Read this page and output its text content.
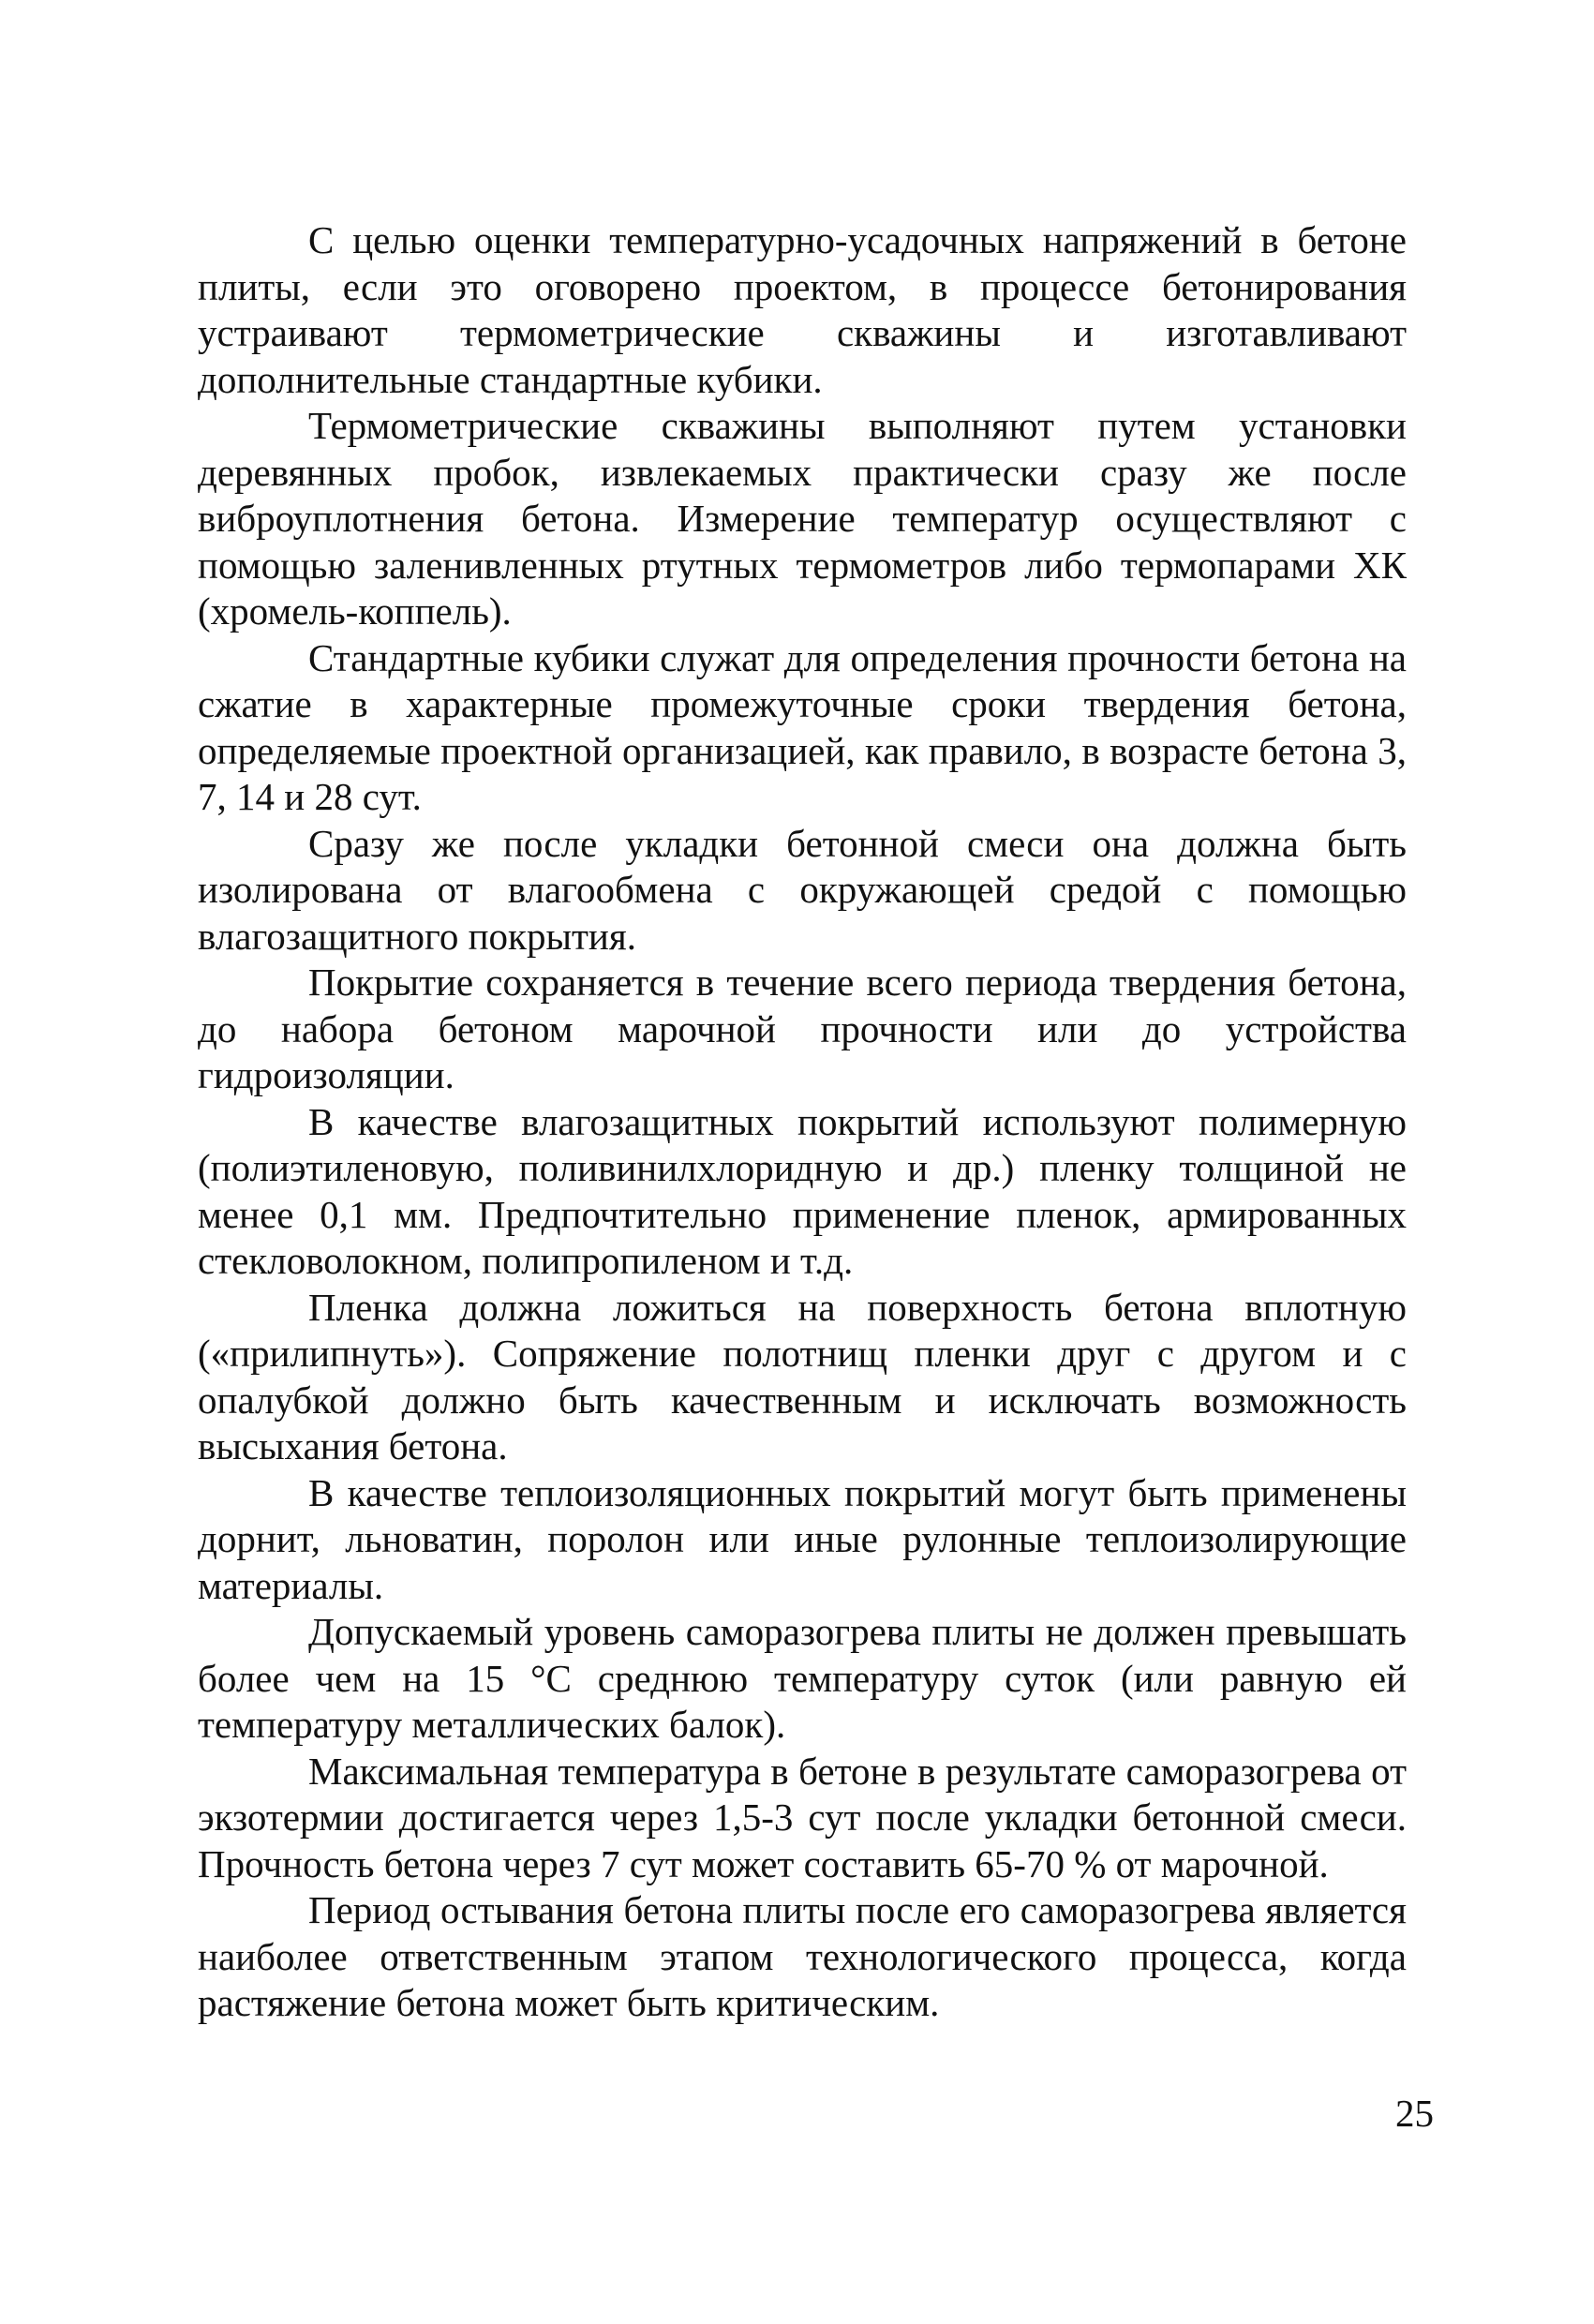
С целью оценки температурно-усадочных напряжений в бетоне плиты, если это оговорено проектом, в процессе бетонирования устраивают термометрические скважины и изготавливают дополнительные стандартные кубики.

Термометрические скважины выполняют путем установки деревянных пробок, извлекаемых практически сразу же после виброуплотнения бетона. Измерение температур осуществляют с помощью заленивленных ртутных термометров либо термопарами ХК (хромель-коппель).

Стандартные кубики служат для определения прочности бетона на сжатие в характерные промежуточные сроки твердения бетона, определяемые проектной организацией, как правило, в возрасте бетона 3, 7, 14 и 28 сут.

Сразу же после укладки бетонной смеси она должна быть изолирована от влагообмена с окружающей средой с помощью влагозащитного покрытия.

Покрытие сохраняется в течение всего периода твердения бетона, до набора бетоном марочной прочности или до устройства гидроизоляции.

В качестве влагозащитных покрытий используют полимерную (полиэтиленовую, поливинилхлоридную и др.) пленку толщиной не менее 0,1 мм. Предпочтительно применение пленок, армированных стекловолокном, полипропиленом и т.д.

Пленка должна ложиться на поверхность бетона вплотную («прилипнуть»). Сопряжение полотнищ пленки друг с другом и с опалубкой должно быть качественным и исключать возможность высыхания бетона.

В качестве теплоизоляционных покрытий могут быть применены дорнит, льноватин, поролон или иные рулонные теплоизолирующие материалы.

Допускаемый уровень саморазогрева плиты не должен превышать более чем на 15 °С среднюю температуру суток (или равную ей температуру металлических балок).

Максимальная температура в бетоне в результате саморазогрева от экзотермии достигается через 1,5-3 сут после укладки бетонной смеси. Прочность бетона через 7 сут может составить 65-70 % от марочной.

Период остывания бетона плиты после его саморазогрева является наиболее ответственным этапом технологического процесса, когда растяжение бетона может быть критическим.

25
